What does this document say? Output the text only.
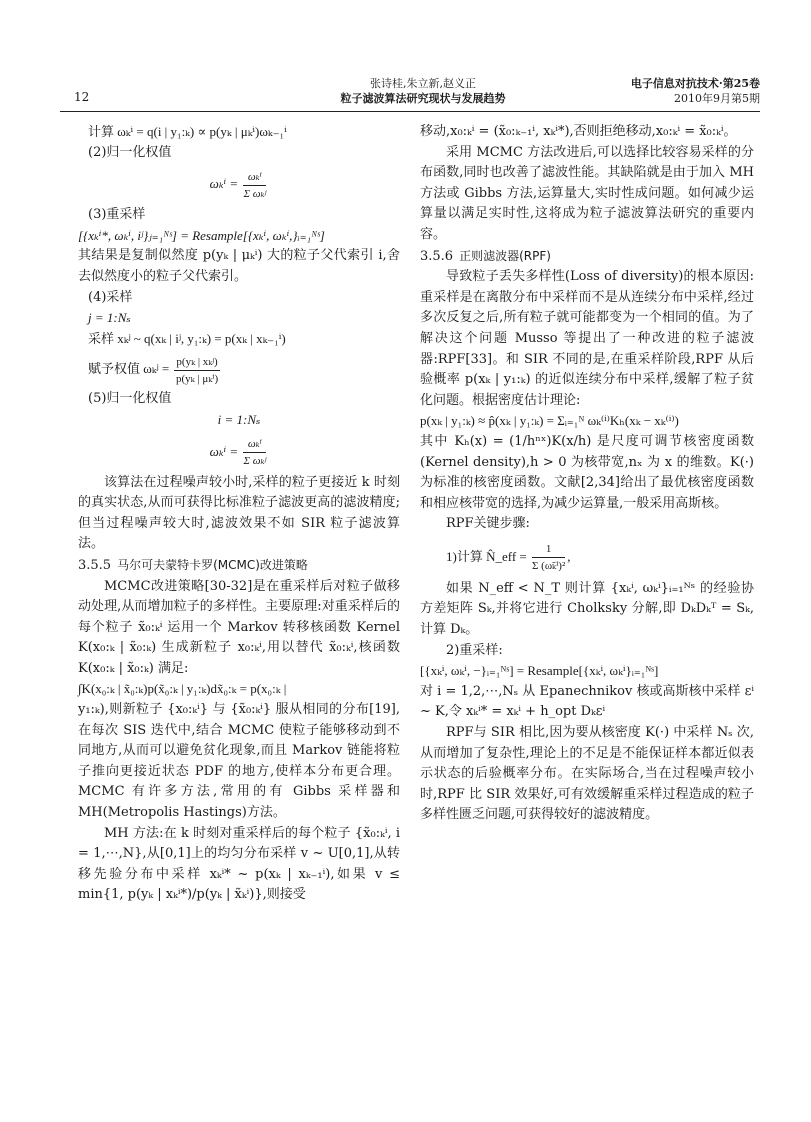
12
张诗桂,朱立新,赵义正
粒子滤波算法研究现状与发展趋势
电子信息对抗技术·第25卷
2010年9月第5期

计算 ωₖⁱ = q(i | y₁:ₖ) ∝ p(yₖ | μₖⁱ)ωₖ₋₁ⁱ

(2)归一化权值

$\omega_k^i = \frac{\text{ωₖⁱ}}{\text{Σ ωₖʲ}}$

(3)重采样

[{xₖⁱ*, ωₖⁱ, iʲ}ⱼ₌₁ᴺˢ] = Resample[{xₖⁱ, ωₖⁱ,}ᵢ₌₁ᴺˢ]

其结果是复制似然度 p(yₖ | μₖⁱ) 大的粒子父代索引 i,舍去似然度小的粒子父代索引。

(4)采样

j = 1:Nₛ

采样 xₖʲ ~ q(xₖ | iʲ, y₁:ₖ) = p(xₖ | xₖ₋₁ⁱ)

赋予权值 ωₖʲ = $\frac{\text{p(yₖ | xₖʲ)}}{\text{p(yₖ | μₖⁱ)}}$

(5)归一化权值

i = 1:Nₛ

$\omega_k^i = \frac{\text{ωₖⁱ}}{\text{Σ ωₖʲ}}$

该算法在过程噪声较小时,采样的粒子更接近 k 时刻的真实状态,从而可获得比标准粒子滤波更高的滤波精度;但当过程噪声较大时,滤波效果不如 SIR 粒子滤波算法。

3.5.5 马尔可夫蒙特卡罗(MCMC)改进策略

MCMC改进策略[30-32]是在重采样后对粒子做移动处理,从而增加粒子的多样性。主要原理:对重采样后的每个粒子 x̃₀:ₖⁱ 运用一个 Markov 转移核函数 Kernel K(x₀:ₖ | x̃₀:ₖ) 生成新粒子 x₀:ₖⁱ,用以替代 x̃₀:ₖⁱ,核函数 K(x₀:ₖ | x̃₀:ₖ) 满足:

∫K(x₀:ₖ | x̃₀:ₖ)p(x̃₀:ₖ | y₁:ₖ)dx̃₀:ₖ = p(x₀:ₖ |

y₁:ₖ),则新粒子 {x₀:ₖⁱ} 与 {x̃₀:ₖⁱ} 服从相同的分布[19],在每次 SIS 迭代中,结合 MCMC 使粒子能够移动到不同地方,从而可以避免贫化现象,而且 Markov 链能将粒子推向更接近状态 PDF 的地方,使样本分布更合理。MCMC 有许多方法,常用的有 Gibbs 采样器和 MH(Metropolis Hastings)方法。

MH 方法:在 k 时刻对重采样后的每个粒子 {x̃₀:ₖⁱ, i = 1,⋯,N},从[0,1]上的均匀分布采样 v ~ U[0,1],从转移先验分布中采样 xₖⁱ* ~ p(xₖ | xₖ₋₁ⁱ),如果 v ≤ min{1, p(yₖ | xₖⁱ*)/p(yₖ | x̃ₖⁱ)},则接受

移动,x₀:ₖⁱ = (x̃₀:ₖ₋₁ⁱ, xₖⁱ*),否则拒绝移动,x₀:ₖⁱ = x̃₀:ₖⁱ。

采用 MCMC 方法改进后,可以选择比较容易采样的分布函数,同时也改善了滤波性能。其缺陷就是由于加入 MH 方法或 Gibbs 方法,运算量大,实时性成问题。如何减少运算量以满足实时性,这将成为粒子滤波算法研究的重要内容。

3.5.6 正则滤波器(RPF)

导致粒子丢失多样性(Loss of diversity)的根本原因:重采样是在离散分布中采样而不是从连续分布中采样,经过多次反复之后,所有粒子就可能都变为一个相同的值。为了解决这个问题 Musso 等提出了一种改进的粒子滤波器:RPF[33]。和 SIR 不同的是,在重采样阶段,RPF 从后验概率 p(xₖ | y₁:ₖ) 的近似连续分布中采样,缓解了粒子贫化问题。根据密度估计理论:

p(xₖ | y₁:ₖ) ≈ p̂(xₖ | y₁:ₖ) = Σᵢ₌₁ᴺ ωₖ⁽ⁱ⁾Kₕ(xₖ − xₖ⁽ⁱ⁾)

其中 Kₕ(x) = (1/hⁿˣ)K(x/h) 是尺度可调节核密度函数(Kernel density),h > 0 为核带宽,nₓ 为 x 的维数。K(·) 为标准的核密度函数。文献[2,34]给出了最优核密度函数和相应核带宽的选择,为减少运算量,一般采用高斯核。

RPF关键步骤:

1)计算 N̂_eff = $\frac{1}{\text{Σ (ω̃ₖⁱ)²}}$ ,

如果 N_eff < N_T 则计算 {xₖⁱ, ωₖⁱ}ᵢ₌₁ᴺˢ 的经验协方差矩阵 Sₖ,并将它进行 Cholksky 分解,即 DₖDₖᵀ = Sₖ,计算 Dₖ。

2)重采样:

[{xₖⁱ, ωₖⁱ, −}ᵢ₌₁ᴺˢ] = Resample[{xₖⁱ, ωₖⁱ}ᵢ₌₁ᴺˢ]

对 i = 1,2,⋯,Nₛ 从 Epanechnikov 核或高斯核中采样 εⁱ ~ K,令 xₖⁱ* = xₖⁱ + h_opt Dₖεⁱ

RPF与 SIR 相比,因为要从核密度 K(·) 中采样 Nₛ 次,从而增加了复杂性,理论上的不足是不能保证样本都近似表示状态的后验概率分布。在实际场合,当在过程噪声较小时,RPF 比 SIR 效果好,可有效缓解重采样过程造成的粒子多样性匮乏问题,可获得较好的滤波精度。
